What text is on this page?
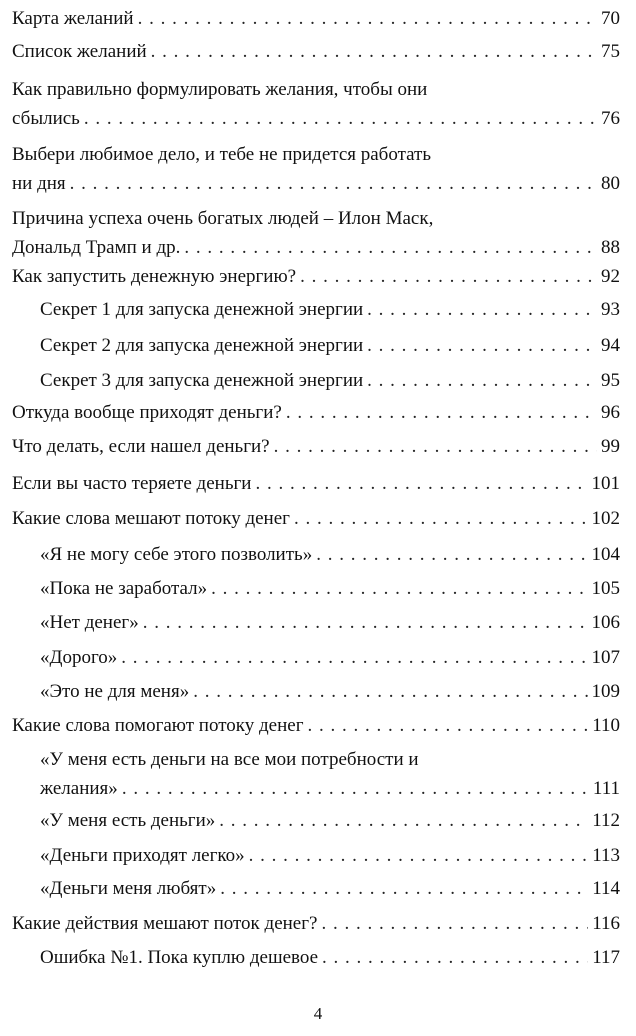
Карта желаний . . .	70
Список желаний . . .	75
Как правильно формулировать желания, чтобы они
сбылись . . .	76
Выбери любимое дело, и тебе не придется работать
ни дня . . .	80
Причина успеха очень богатых людей – Илон Маск,
Дональд Трамп и др. . . .	88
Как запустить денежную энергию? . . .	92
Секрет 1 для запуска денежной энергии . . .	93
Секрет 2 для запуска денежной энергии . . .	94
Секрет 3 для запуска денежной энергии . . .	95
Откуда вообще приходят деньги? . . .	96
Что делать, если нашел деньги? . . .	99
Если вы часто теряете деньги . . .	101
Какие слова мешают потоку денег . . .	102
«Я не могу себе этого позволить» . . .	104
«Пока не заработал» . . .	105
«Нет денег» . . .	106
«Дорого» . . .	107
«Это не для меня» . . .	109
Какие слова помогают потоку денег . . .	110
«У меня есть деньги на все мои потребности и
желания» . . .	111
«У меня есть деньги» . . .	112
«Деньги приходят легко» . . .	113
«Деньги меня любят» . . .	114
Какие действия мешают поток денег? . . .	116
Ошибка №1. Пока куплю дешевое . . .	117
4
